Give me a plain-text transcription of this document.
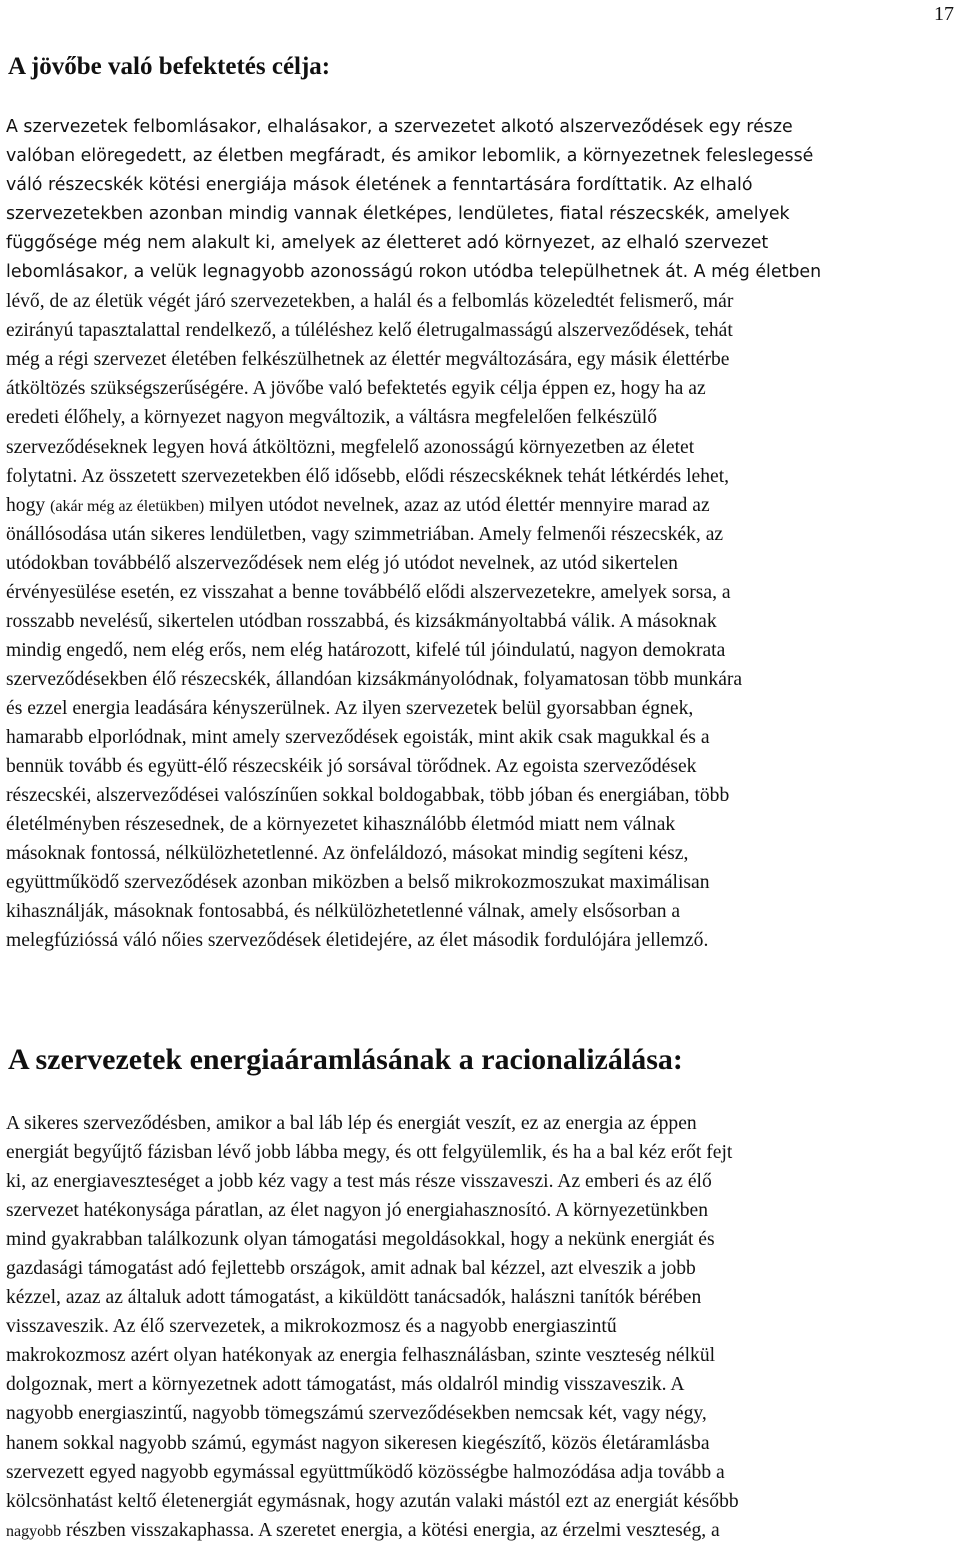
17
A jövőbe való befektetés célja:
A szervezetek felbomlásakor, elhalásakor, a szervezetet alkotó alszerveződések egy része
valóban elöregedett, az életben megfáradt, és amikor lebomlik, a környezetnek feleslegessé
váló részecskék kötési energiája mások életének a fenntartására fordíttatik. Az elhaló
szervezetekben azonban mindig vannak életképes, lendületes, fiatal részecskék, amelyek
függősége még nem alakult ki, amelyek az életteret adó környezet, az elhaló szervezet
lebomlásakor, a velük legnagyobb azonosságú rokon utódba települhetnek át. A még életben
lévő, de az életük végét járó szervezetekben, a halál és a felbomlás közeledtét felismerő, már
ezirányú tapasztalattal rendelkező, a túléléshez kelő életrugalmasságú alszerveződések, tehát
még a régi szervezet életében felkészülhetnek az élettér megváltozására, egy másik élettérbe
átköltözés szükségszerűségére. A jövőbe való befektetés egyik célja éppen ez, hogy ha az
eredeti élőhely, a környezet nagyon megváltozik, a váltásra megfelelően felkészülő
szerveződéseknek legyen hová átköltözni, megfelelő azonosságú környezetben az életet
folytatni. Az összetett szervezetekben élő idősebb, elődi részecskéknek tehát létkérdés lehet,
hogy (akár még az életükben) milyen utódot nevelnek, azaz az utód élettér mennyire marad az
önállósodása után sikeres lendületben, vagy szimmetriában. Amely felmenői részecskék, az
utódokban továbbélő alszerveződések nem elég jó utódot nevelnek, az utód sikertelen
érvényesülése esetén, ez visszahat a benne továbbélő elődi alszervezetekre, amelyek sorsa, a
rosszabb nevelésű, sikertelen utódban rosszabbá, és kizsákmányoltabbá válik. A másoknak
mindig engedő, nem elég erős, nem elég határozott, kifelé túl jóindulatú, nagyon demokrata
szerveződésekben élő részecskék, állandóan kizsákmányolódnak, folyamatosan több munkára
és ezzel energia leadására kényszerülnek. Az ilyen szervezetek belül gyorsabban égnek,
hamarabb elporlódnak, mint amely szerveződések egoisták, mint akik csak magukkal és a
bennük tovább és együtt-élő részecskéik jó sorsával törődnek. Az egoista szerveződések
részecskéi, alszerveződései valószínűen sokkal boldogabbak, több jóban és energiában, több
életélményben részesednek, de a környezetet kihasználóbb életmód miatt nem válnak
másoknak fontossá, nélkülözhetetlenné. Az önfeláldozó, másokat mindig segíteni kész,
együttműködő szerveződések azonban miközben a belső mikrokozmoszukat maximálisan
kihasználják, másoknak fontosabbá, és nélkülözhetetlenné válnak, amely elsősorban a
melegfúzióssá váló nőies szerveződések életidejére, az élet második fordulójára jellemző.
A szervezetek energiaáramlásának a racionalizálása:
A sikeres szerveződésben, amikor a bal láb lép és energiát veszít, ez az energia az éppen
energiát begyűjtő fázisban lévő jobb lábba megy, és ott felgyülemlik, és ha a bal kéz erőt fejt
ki, az energiaveszteséget a jobb kéz vagy a test más része visszaveszi. Az emberi és az élő
szervezet hatékonysága páratlan, az élet nagyon jó energiahasznosító. A környezetünkben
mind gyakrabban találkozunk olyan támogatási megoldásokkal, hogy a nekünk energiát és
gazdasági támogatást adó fejlettebb országok, amit adnak bal kézzel, azt elveszik a jobb
kézzel, azaz az általuk adott támogatást, a kiküldött tanácsadók, halászni tanítók bérében
visszaveszik. Az élő szervezetek, a mikrokozmosz és a nagyobb energiaszintű
makrokozmosz azért olyan hatékonyak az energia felhasználásban, szinte veszteség nélkül
dolgoznak, mert a környezetnek adott támogatást, más oldalról mindig visszaveszik. A
nagyobb energiaszintű, nagyobb tömegszámú szerveződésekben nemcsak két, vagy négy,
hanem sokkal nagyobb számú, egymást nagyon sikeresen kiegészítő, közös életáramlásba
szervezett egyed nagyobb egymással együttműködő közösségbe halmozódása adja tovább a
kölcsönhatást keltő életenergiát egymásnak, hogy azután valaki mástól ezt az energiát később
nagyobb részben visszakaphassa. A szeretet energia, a kötési energia, az érzelmi veszteség, a
